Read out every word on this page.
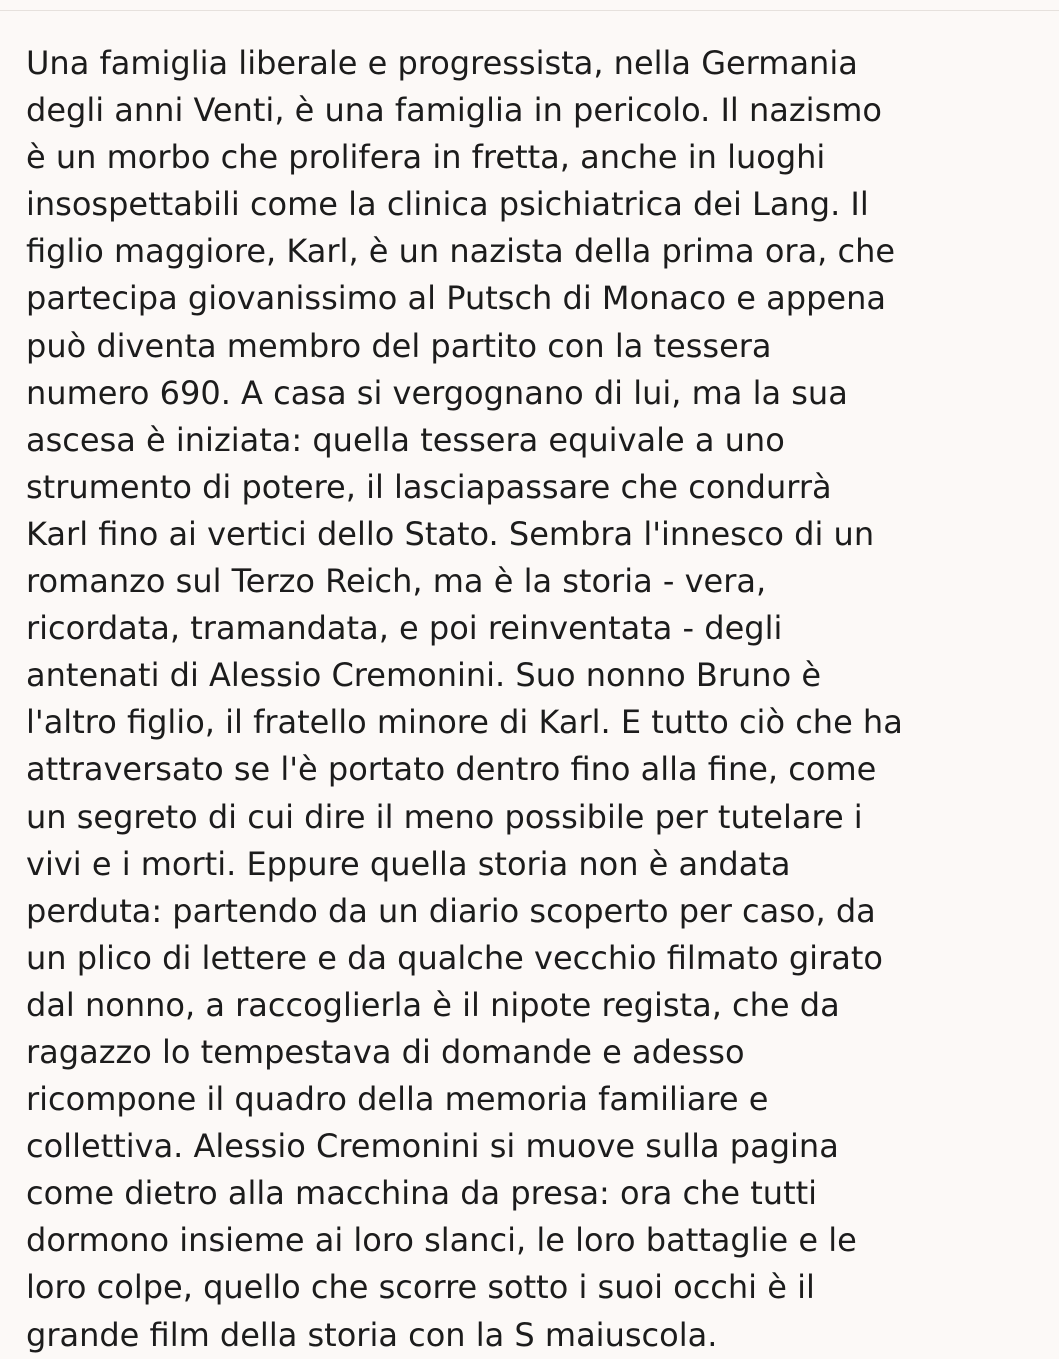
Una famiglia liberale e progressista, nella Germania
degli anni Venti, è una famiglia in pericolo. Il nazismo
è un morbo che prolifera in fretta, anche in luoghi
insospettabili come la clinica psichiatrica dei Lang. Il
figlio maggiore, Karl, è un nazista della prima ora, che
partecipa giovanissimo al Putsch di Monaco e appena
può diventa membro del partito con la tessera
numero 690. A casa si vergognano di lui, ma la sua
ascesa è iniziata: quella tessera equivale a uno
strumento di potere, il lasciapassare che condurrà
Karl fino ai vertici dello Stato. Sembra l'innesco di un
romanzo sul Terzo Reich, ma è la storia - vera,
ricordata, tramandata, e poi reinventata - degli
antenati di Alessio Cremonini. Suo nonno Bruno è
l'altro figlio, il fratello minore di Karl. E tutto ciò che ha
attraversato se l'è portato dentro fino alla fine, come
un segreto di cui dire il meno possibile per tutelare i
vivi e i morti. Eppure quella storia non è andata
perduta: partendo da un diario scoperto per caso, da
un plico di lettere e da qualche vecchio filmato girato
dal nonno, a raccoglierla è il nipote regista, che da
ragazzo lo tempestava di domande e adesso
ricompone il quadro della memoria familiare e
collettiva. Alessio Cremonini si muove sulla pagina
come dietro alla macchina da presa: ora che tutti
dormono insieme ai loro slanci, le loro battaglie e le
loro colpe, quello che scorre sotto i suoi occhi è il
grande film della storia con la S maiuscola.
